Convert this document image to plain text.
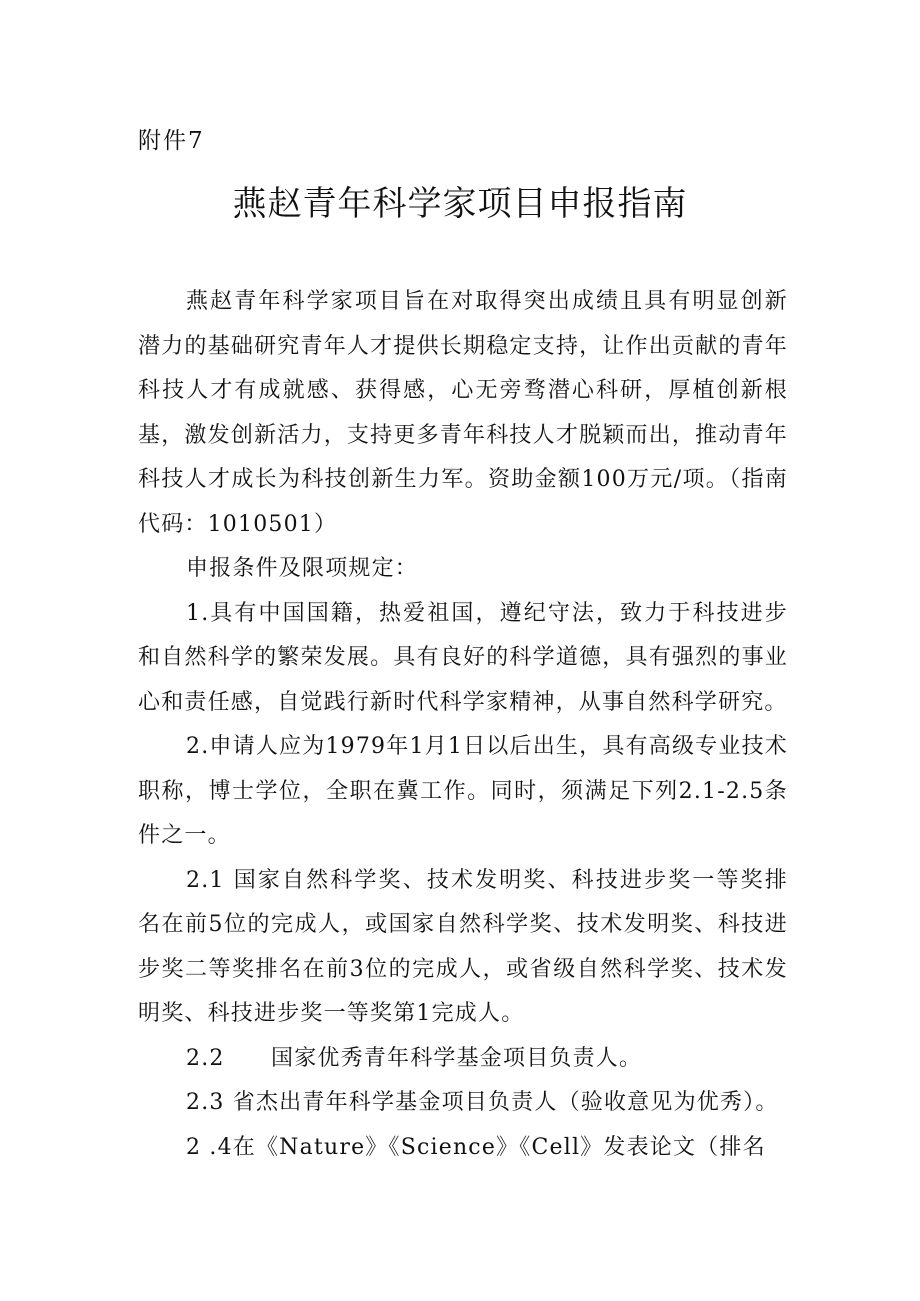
附件7
燕赵青年科学家项目申报指南

燕赵青年科学家项目旨在对取得突出成绩且具有明显创新潜力的基础研究青年人才提供长期稳定支持，让作出贡献的青年科技人才有成就感、获得感，心无旁骛潜心科研，厚植创新根基，激发创新活力，支持更多青年科技人才脱颖而出，推动青年科技人才成长为科技创新生力军。资助金额100万元/项。（指南代码：1010501）

申报条件及限项规定：

1.具有中国国籍，热爱祖国，遵纪守法，致力于科技进步和自然科学的繁荣发展。具有良好的科学道德，具有强烈的事业心和责任感，自觉践行新时代科学家精神，从事自然科学研究。

2.申请人应为1979年1月1日以后出生，具有高级专业技术职称，博士学位，全职在冀工作。同时，须满足下列2.1-2.5条件之一。

2.1 国家自然科学奖、技术发明奖、科技进步奖一等奖排名在前5位的完成人，或国家自然科学奖、技术发明奖、科技进步奖二等奖排名在前3位的完成人，或省级自然科学奖、技术发明奖、科技进步奖一等奖第1完成人。

2.2　　国家优秀青年科学基金项目负责人。

2.3 省杰出青年科学基金项目负责人（验收意见为优秀）。

2 .4在《Nature》《Science》《Cell》发表论文（排名
